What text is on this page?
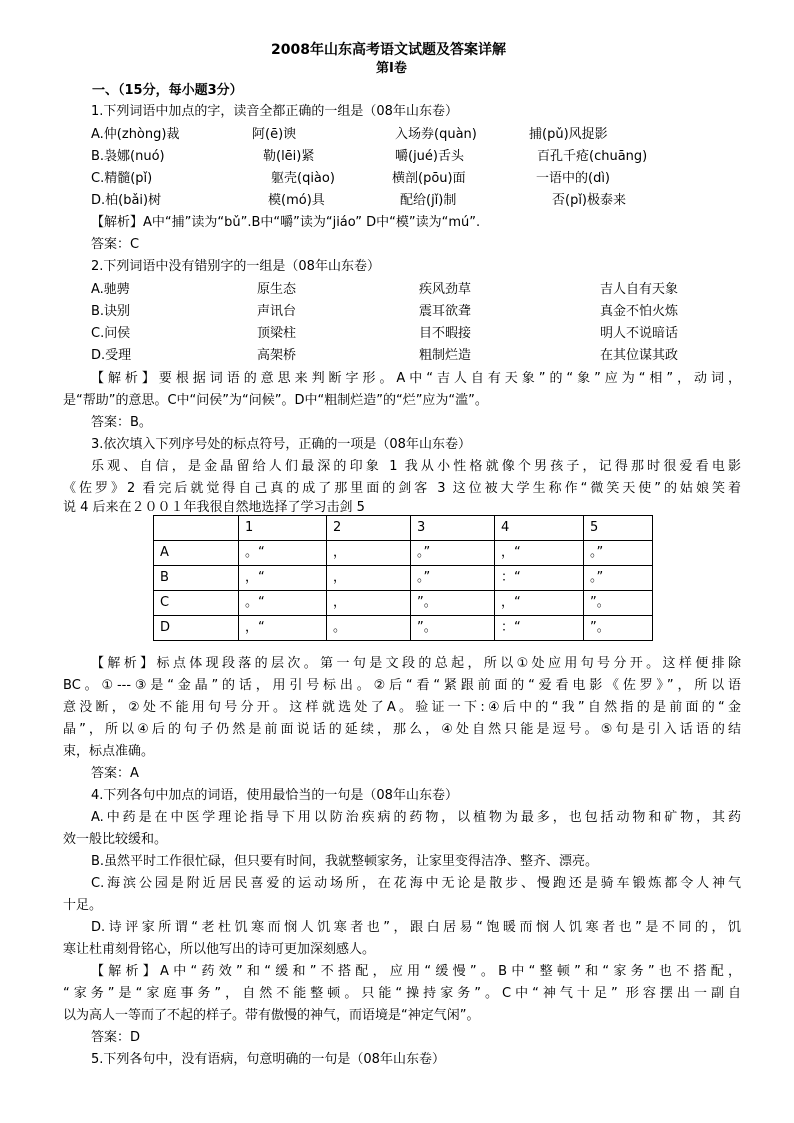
2008年山东高考语文试题及答案详解
第Ⅰ卷
一、（15分，每小题3分）
1.下列词语中加点的字，读音全都正确的一组是（08年山东卷）
A.仲(zhòng)裁	阿(ē)谀	入场券(quàn)	捕(pǔ)风捉影
B.袅娜(nuó)	勒(lēi)紧	嚼(jué)舌头	百孔千疮(chuāng)
C.精髓(pǐ)	躯壳(qiào)	横剖(pōu)面	一语中的(dì)
D.柏(bǎi)树	模(mó)具	配给(jǐ)制	否(pǐ)极泰来
【解析】A中“捕”读为“bǔ”.B中“嚼”读为“jiáo” D中“模”读为“mú”.
答案：C
2.下列词语中没有错别字的一组是（08年山东卷）
A.驰骋	原生态	疾风劲草	吉人自有天象
B.诀别	声讯台	震耳欲聋	真金不怕火炼
C.问侯	顶梁柱	目不暇接	明人不说暗话
D.受理	高架桥	粗制烂造	在其位谋其政
【解析】要根据词语的意思来判断字形。A中“吉人自有天象”的“象”应为“相”，动词，
是“帮助”的意思。C中“问侯”为“问候”。D中“粗制烂造”的“烂”应为“滥”。
答案：B。
3.依次填入下列序号处的标点符号，正确的一项是（08年山东卷）
乐观、自信，是金晶留给人们最深的印象 1 我从小性格就像个男孩子，记得那时很爱看电影
《佐罗》2 看完后就觉得自己真的成了那里面的剑客 3 这位被大学生称作“微笑天使”的姑娘笑着
说 4 后来在２００１年我很自然地选择了学习击剑 5
	1	2	3	4	5
A	。“	，	。”	，“	。”
B	，“	，	。”	：“	。”
C	。“	，	”。	，“	”。
D	，“	。	”。	：“	”。
【解析】标点体现段落的层次。第一句是文段的总起，所以①处应用句号分开。这样便排除
BC。①---③是“金晶”的话，用引号标出。②后“看“紧跟前面的“爱看电影《佐罗》”，所以语
意没断，②处不能用句号分开。这样就选处了A。验证一下:④后中的“我”自然指的是前面的“金
晶”，所以④后的句子仍然是前面说话的延续，那么，④处自然只能是逗号。⑤句是引入话语的结
束，标点准确。
答案：A
4.下列各句中加点的词语，使用最恰当的一句是（08年山东卷）
A.中药是在中医学理论指导下用以防治疾病的药物，以植物为最多，也包括动物和矿物，其药
效一般比较缓和。
B.虽然平时工作很忙碌，但只要有时间，我就整顿家务，让家里变得洁净、整齐、漂亮。
C.海滨公园是附近居民喜爱的运动场所，在花海中无论是散步、慢跑还是骑车锻炼都令人神气
十足。
D.诗评家所谓“老杜饥寒而悯人饥寒者也”，跟白居易“饱暖而悯人饥寒者也”是不同的，饥
寒让杜甫刻骨铭心，所以他写出的诗可更加深刻感人。
【解析】A中“药效”和“缓和”不搭配，应用“缓慢”。B中“整顿”和“家务”也不搭配，
“家务”是“家庭事务”，自然不能整顿。只能“操持家务”。C中“神气十足” 形容摆出一副自
以为高人一等而了不起的样子。带有傲慢的神气，而语境是“神定气闲”。
答案：D
5.下列各句中，没有语病，句意明确的一句是（08年山东卷）
